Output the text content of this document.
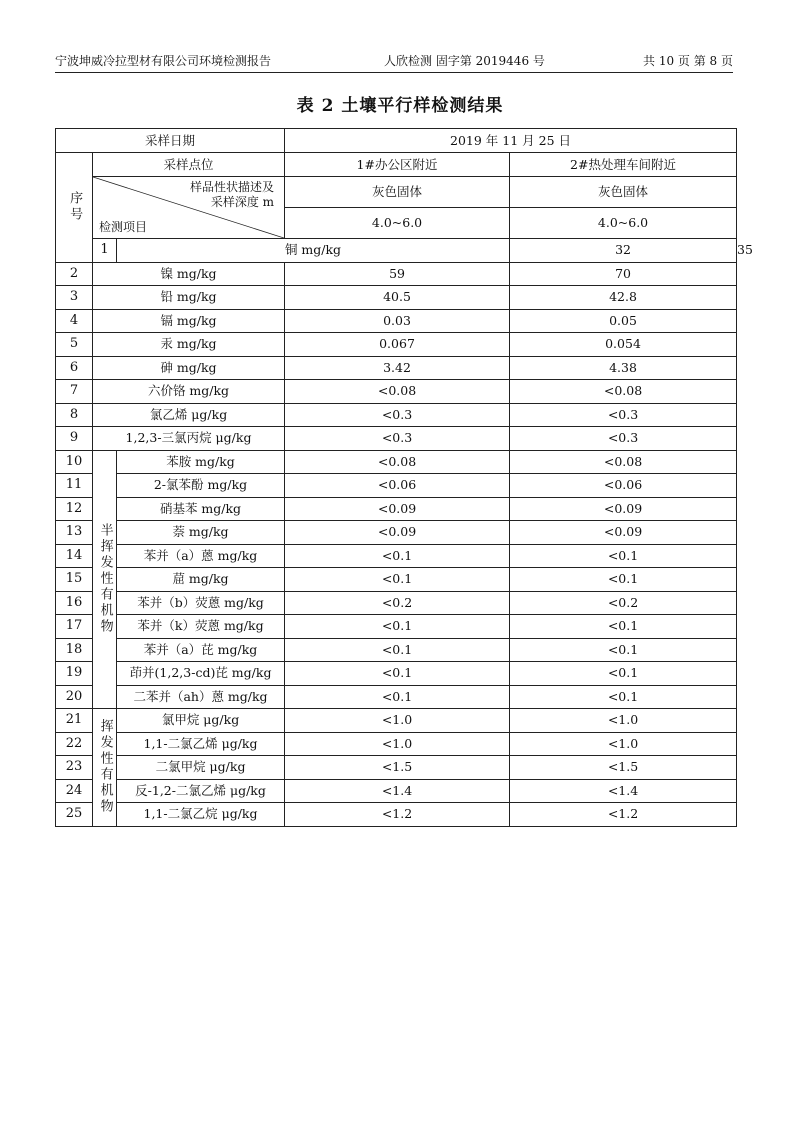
宁波坤威冷拉型材有限公司环境检测报告	人欣检测 固字第 2019446 号	共 10 页 第 8 页
表 2 土壤平行样检测结果
采样日期			2019 年 11 月 25 日		
序号	采样点位		1#办公区附近	2#热处理车间附近	

	样品性状描述及
采样深度 m
检测项目		灰色固体	灰色固体	
			4.0~6.0	4.0~6.0	
	1	铜 mg/kg		32	35
2	镍 mg/kg		59	70	
3	铅 mg/kg		40.5	42.8	
4	镉 mg/kg		0.03	0.05	
5	汞 mg/kg		0.067	0.054	
6	砷 mg/kg		3.42	4.38	
7	六价铬 mg/kg		<0.08	<0.08	
8	氯乙烯 μg/kg		<0.3	<0.3	
9	1,2,3-三氯丙烷 μg/kg		<0.3	<0.3	
10	半挥发性有机物	苯胺 mg/kg	<0.08	<0.08	
11		2-氯苯酚 mg/kg	<0.06	<0.06	
12		硝基苯 mg/kg	<0.09	<0.09	
13		萘 mg/kg	<0.09	<0.09	
14		苯并（a）蒽 mg/kg	<0.1	<0.1	
15		䓛 mg/kg	<0.1	<0.1	
16		苯并（b）荧蒽 mg/kg	<0.2	<0.2	
17		苯并（k）荧蒽 mg/kg	<0.1	<0.1	
18		苯并（a）芘 mg/kg	<0.1	<0.1	
19		茚并(1,2,3-cd)芘 mg/kg	<0.1	<0.1	
20		二苯并（ah）蒽 mg/kg	<0.1	<0.1	
21	挥发性有机物	氯甲烷 μg/kg	<1.0	<1.0	
22		1,1-二氯乙烯 μg/kg	<1.0	<1.0	
23		二氯甲烷 μg/kg	<1.5	<1.5	
24		反-1,2-二氯乙烯 μg/kg	<1.4	<1.4	
25		1,1-二氯乙烷 μg/kg	<1.2	<1.2	
